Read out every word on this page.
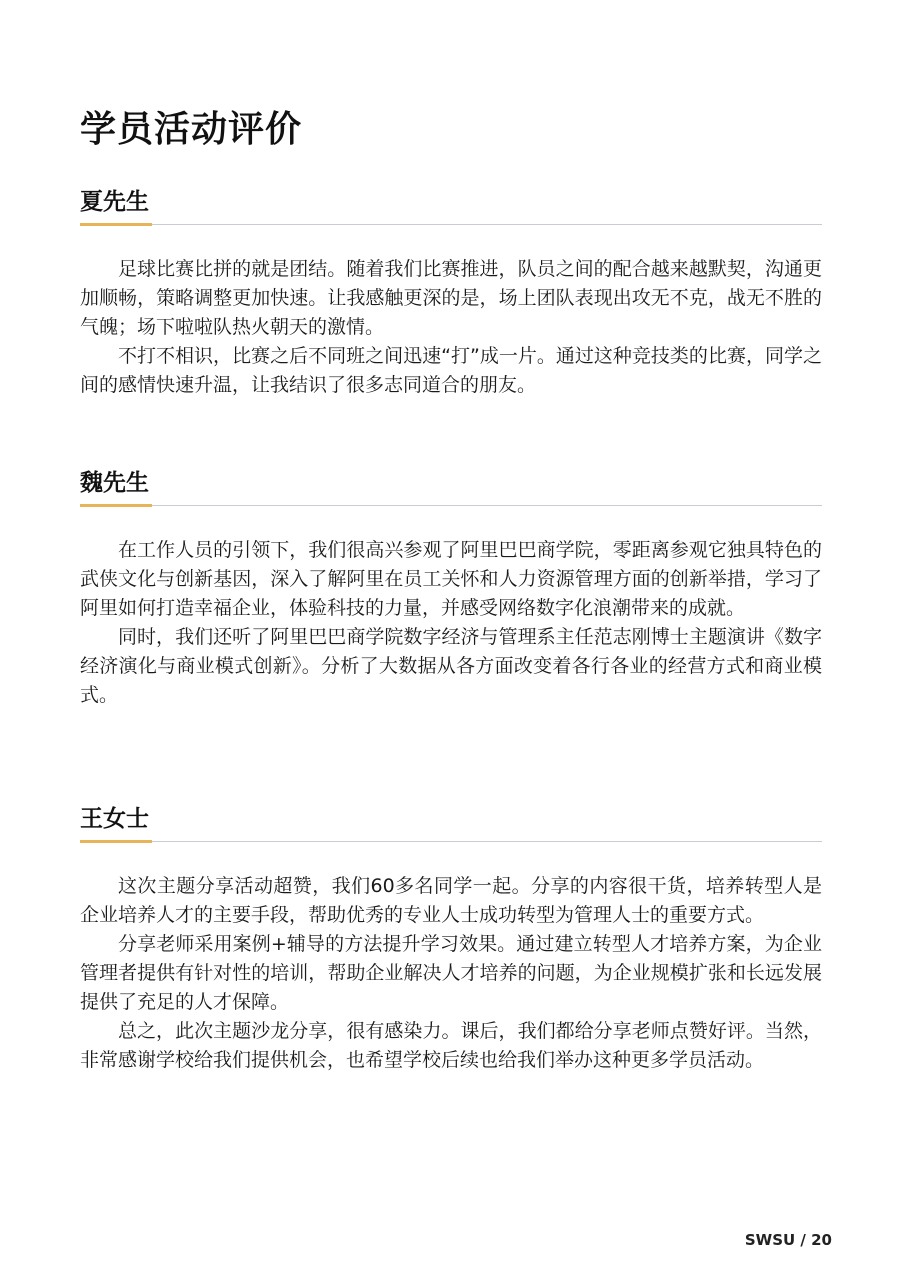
学员活动评价
夏先生

足球比赛比拼的就是团结。随着我们比赛推进，队员之间的配合越来越默契，沟通更加顺畅，策略调整更加快速。让我感触更深的是，场上团队表现出攻无不克，战无不胜的气魄；场下啦啦队热火朝天的激情。

不打不相识，比赛之后不同班之间迅速“打”成一片。通过这种竞技类的比赛，同学之间的感情快速升温，让我结识了很多志同道合的朋友。

魏先生

在工作人员的引领下，我们很高兴参观了阿里巴巴商学院，零距离参观它独具特色的武侠文化与创新基因，深入了解阿里在员工关怀和人力资源管理方面的创新举措，学习了阿里如何打造幸福企业，体验科技的力量，并感受网络数字化浪潮带来的成就。

同时，我们还听了阿里巴巴商学院数字经济与管理系主任范志刚博士主题演讲《数字经济演化与商业模式创新》。分析了大数据从各方面改变着各行各业的经营方式和商业模式。

王女士

这次主题分享活动超赞，我们60多名同学一起。分享的内容很干货，培养转型人是企业培养人才的主要手段，帮助优秀的专业人士成功转型为管理人士的重要方式。

分享老师采用案例+辅导的方法提升学习效果。通过建立转型人才培养方案，为企业管理者提供有针对性的培训，帮助企业解决人才培养的问题，为企业规模扩张和长远发展提供了充足的人才保障。

总之，此次主题沙龙分享，很有感染力。课后，我们都给分享老师点赞好评。当然，非常感谢学校给我们提供机会，也希望学校后续也给我们举办这种更多学员活动。

SWSU / 20
